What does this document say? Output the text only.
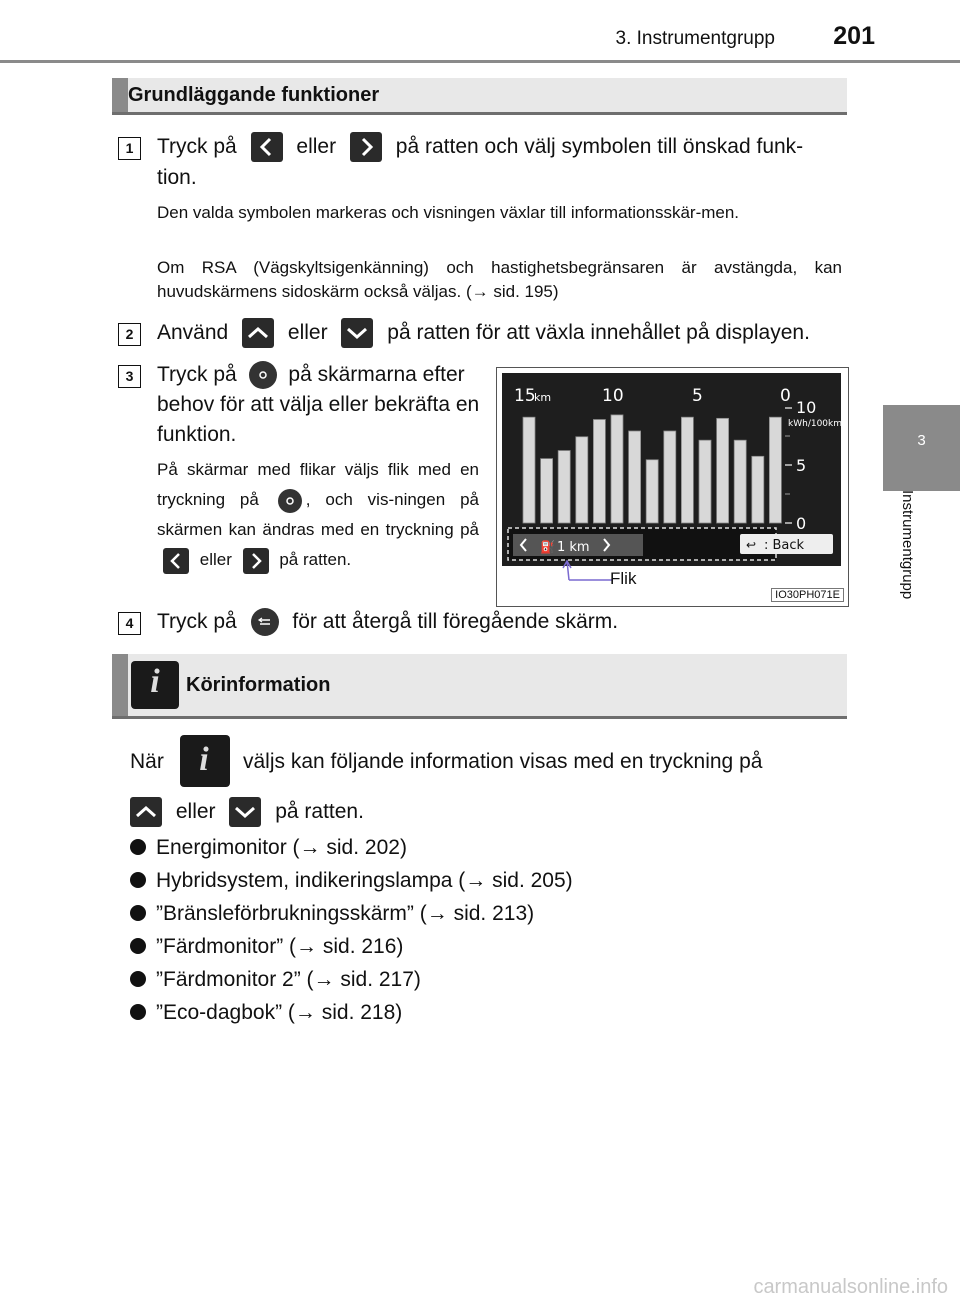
3. Instrumentgrupp 201
3
Instrumentgrupp
Grundläggande funktioner
1	Tryck på	eller	på ratten och välj symbolen till önskad funk-
tion.
Den valda symbolen markeras och visningen växlar till informationsskär-men.
Om RSA (Vägskyltsigenkänning) och hastighetsbegränsaren är avstängda, kan huvudskärmens sidoskärm också väljas. (→ sid. 195)
2	Använd	eller	på ratten för att växla innehållet på displayen.
3	Tryck på på skärmarna efter behov för att välja eller bekräfta en funktion.
På skärmar med flikar väljs flik med en tryckning på	, och vis-ningen på skärmen kan ändras med en tryckning på
eller	på ratten.
15
km	10	5	0
10
kWh/100km
5
0
⛽ 1 km	↩ : Back
Flik
IO30PH071E
4	Tryck på	för att återgå till föregående skärm.
i	Körinformation
När	i	väljs kan följande information visas med en tryckning på
eller	på ratten.
Energimonitor (→ sid. 202)
Hybridsystem, indikeringslampa (→ sid. 205)
”Bränsleförbrukningsskärm” (→ sid. 213)
”Färdmonitor” (→ sid. 216)
”Färdmonitor 2” (→ sid. 217)
”Eco-dagbok” (→ sid. 218)
carmanualsonline.info
